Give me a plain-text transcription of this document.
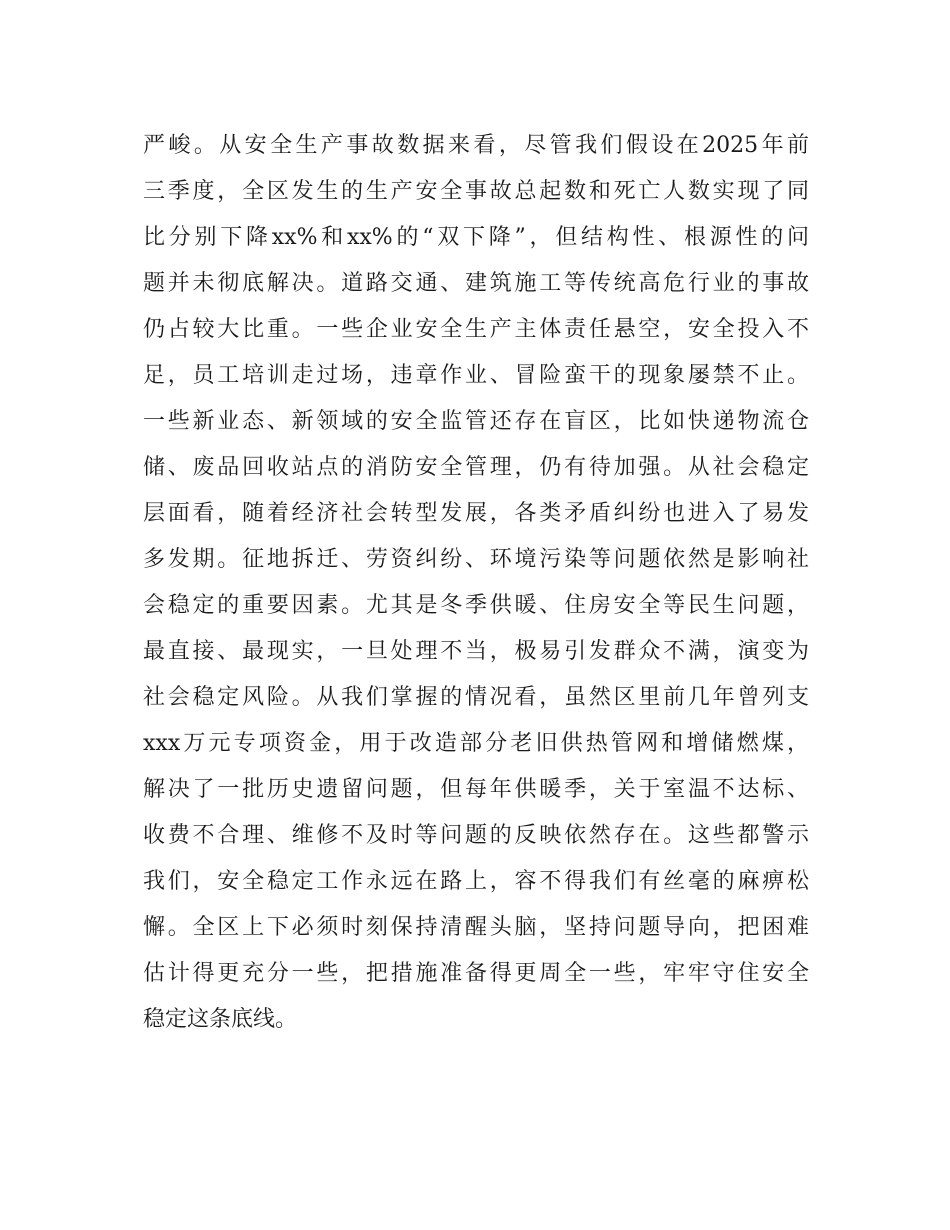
严峻。从安全生产事故数据来看，尽管我们假设在2025年前
三季度，全区发生的生产安全事故总起数和死亡人数实现了同
比分别下降xx%和xx%的“双下降”，但结构性、根源性的问
题并未彻底解决。道路交通、建筑施工等传统高危行业的事故
仍占较大比重。一些企业安全生产主体责任悬空，安全投入不
足，员工培训走过场，违章作业、冒险蛮干的现象屡禁不止。
一些新业态、新领域的安全监管还存在盲区，比如快递物流仓
储、废品回收站点的消防安全管理，仍有待加强。从社会稳定
层面看，随着经济社会转型发展，各类矛盾纠纷也进入了易发
多发期。征地拆迁、劳资纠纷、环境污染等问题依然是影响社
会稳定的重要因素。尤其是冬季供暖、住房安全等民生问题，
最直接、最现实，一旦处理不当，极易引发群众不满，演变为
社会稳定风险。从我们掌握的情况看，虽然区里前几年曾列支
xxx万元专项资金，用于改造部分老旧供热管网和增储燃煤，
解决了一批历史遗留问题，但每年供暖季，关于室温不达标、
收费不合理、维修不及时等问题的反映依然存在。这些都警示
我们，安全稳定工作永远在路上，容不得我们有丝毫的麻痹松
懈。全区上下必须时刻保持清醒头脑，坚持问题导向，把困难
估计得更充分一些，把措施准备得更周全一些，牢牢守住安全
稳定这条底线。
